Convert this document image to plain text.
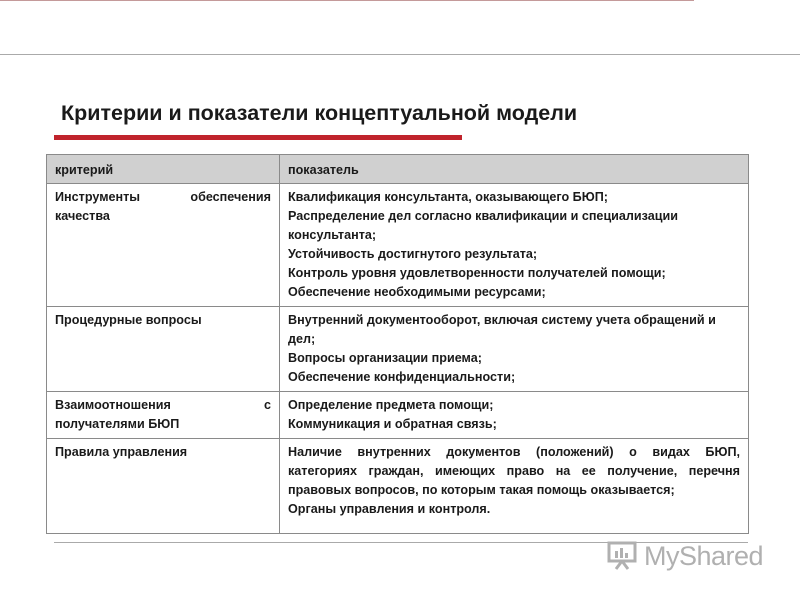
Критерии и показатели концептуальной модели
критерий	показатель

Инструменты обеспечения
качества	Квалификация консультанта, оказывающего БЮП;
Распределение дел согласно квалификации и специализации консультанта;
Устойчивость достигнутого результата;
Контроль уровня удовлетворенности получателей помощи;
Обеспечение необходимыми ресурсами;

Процедурные вопросы	Внутренний документооборот, включая систему учета обращений и дел;
Вопросы организации приема;
Обеспечение конфиденциальности;

Взаимоотношения с
получателями БЮП	Определение предмета помощи;
Коммуникация и обратная связь;

Правила управления	Наличие внутренних документов (положений) о видах БЮП, категориях граждан, имеющих право на ее получение, перечня правовых вопросов, по которым такая помощь оказывается;
Органы управления и контроля.
MyShared
